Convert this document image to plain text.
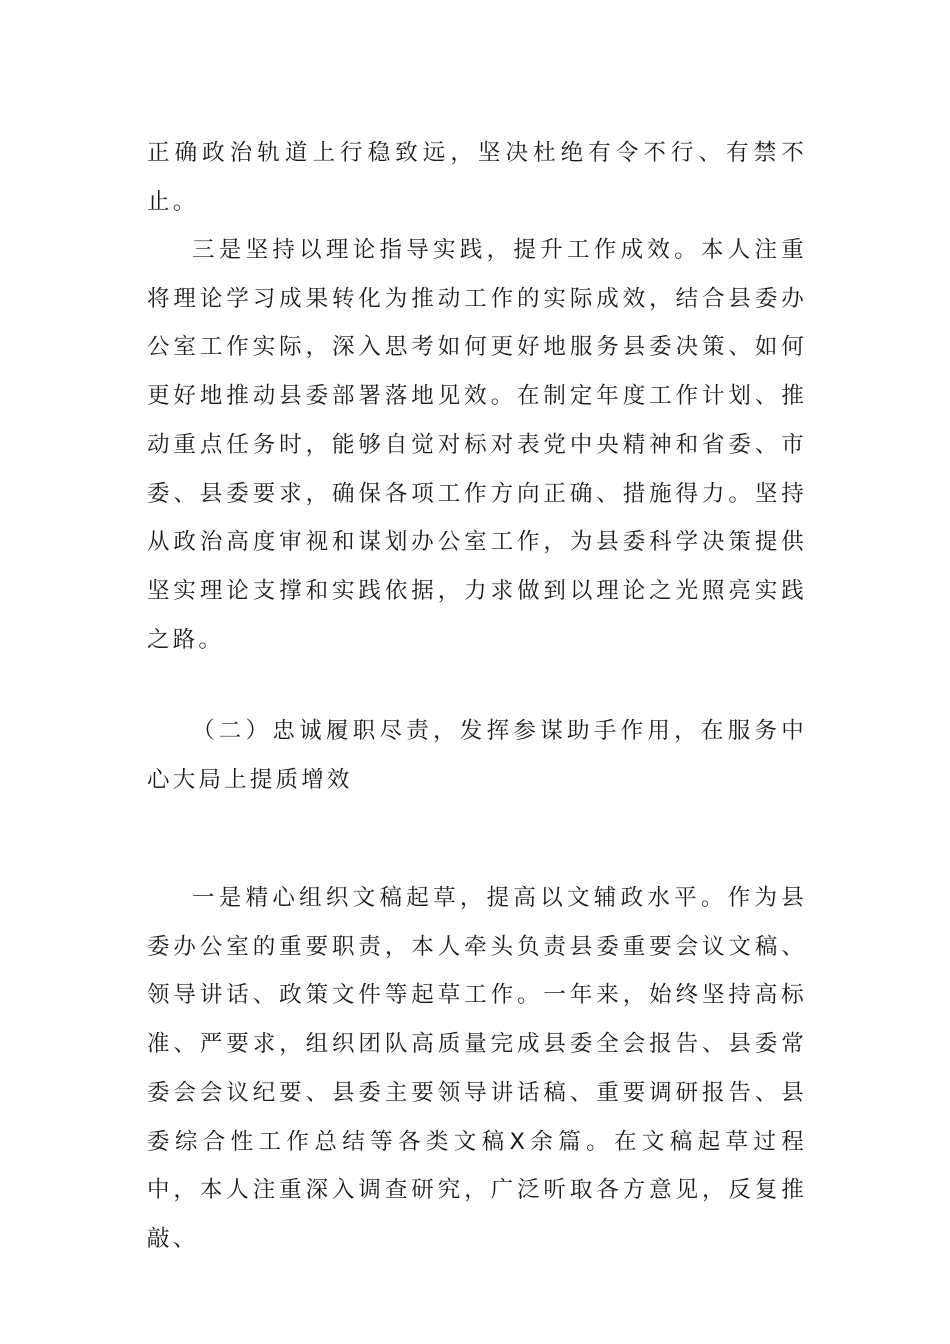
正确政治轨道上行稳致远，坚决杜绝有令不行、有禁不止。

三是坚持以理论指导实践，提升工作成效。本人注重将理论学习成果转化为推动工作的实际成效，结合县委办公室工作实际，深入思考如何更好地服务县委决策、如何更好地推动县委部署落地见效。在制定年度工作计划、推动重点任务时，能够自觉对标对表党中央精神和省委、市委、县委要求，确保各项工作方向正确、措施得力。坚持从政治高度审视和谋划办公室工作，为县委科学决策提供坚实理论支撑和实践依据，力求做到以理论之光照亮实践之路。

（二）忠诚履职尽责，发挥参谋助手作用，在服务中心大局上提质增效

一是精心组织文稿起草，提高以文辅政水平。作为县委办公室的重要职责，本人牵头负责县委重要会议文稿、领导讲话、政策文件等起草工作。一年来，始终坚持高标准、严要求，组织团队高质量完成县委全会报告、县委常委会会议纪要、县委主要领导讲话稿、重要调研报告、县委综合性工作总结等各类文稿X余篇。在文稿起草过程中，本人注重深入调查研究，广泛听取各方意见，反复推敲、
